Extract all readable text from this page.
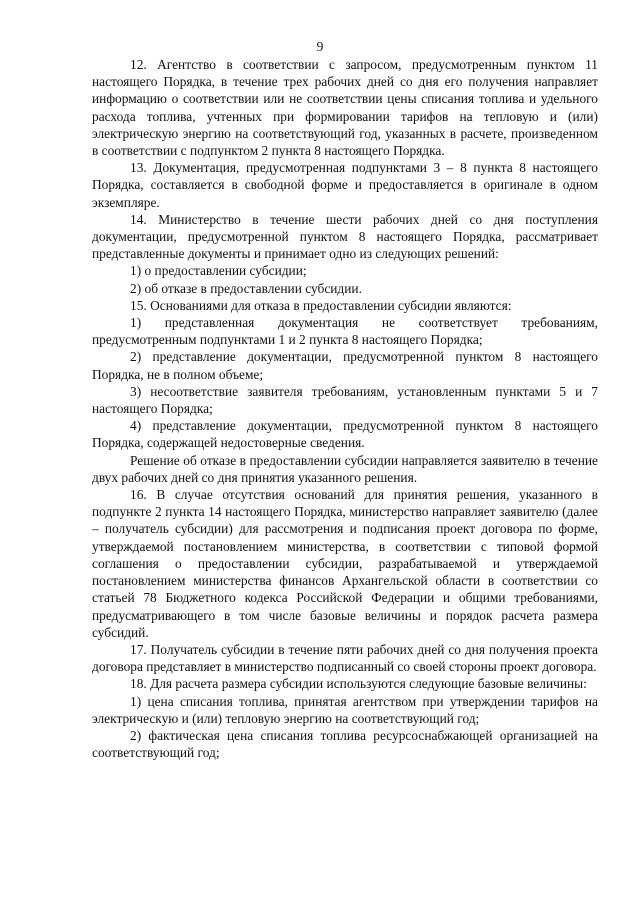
9

12. Агентство в соответствии с запросом, предусмотренным пунктом 11 настоящего Порядка, в течение трех рабочих дней со дня его получения направляет информацию о соответствии или не соответствии цены списания топлива и удельного расхода топлива, учтенных при формировании тарифов на тепловую и (или) электрическую энергию на соответствующий год, указанных в расчете, произведенном в соответствии с подпунктом 2 пункта 8 настоящего Порядка.

13. Документация, предусмотренная подпунктами 3 – 8 пункта 8 настоящего Порядка, составляется в свободной форме и предоставляется в оригинале в одном экземпляре.

14. Министерство в течение шести рабочих дней со дня поступления документации, предусмотренной пунктом 8 настоящего Порядка, рассматривает представленные документы и принимает одно из следующих решений:

1) о предоставлении субсидии;

2) об отказе в предоставлении субсидии.

15. Основаниями для отказа в предоставлении субсидии являются:

1) представленная документация не соответствует требованиям, предусмотренным подпунктами 1 и 2 пункта 8 настоящего Порядка;

2) представление документации, предусмотренной пунктом 8 настоящего Порядка, не в полном объеме;

3) несоответствие заявителя требованиям, установленным пунктами 5 и 7 настоящего Порядка;

4) представление документации, предусмотренной пунктом 8 настоящего Порядка, содержащей недостоверные сведения.

Решение об отказе в предоставлении субсидии направляется заявителю в течение двух рабочих дней со дня принятия указанного решения.

16. В случае отсутствия оснований для принятия решения, указанного в подпункте 2 пункта 14 настоящего Порядка, министерство направляет заявителю (далее – получатель субсидии) для рассмотрения и подписания проект договора по форме, утверждаемой постановлением министерства, в соответствии с типовой формой соглашения о предоставлении субсидии, разрабатываемой и утверждаемой постановлением министерства финансов Архангельской области в соответствии со статьей 78 Бюджетного кодекса Российской Федерации и общими требованиями, предусматривающего в том числе базовые величины и порядок расчета размера субсидий.

17. Получатель субсидии в течение пяти рабочих дней со дня получения проекта договора представляет в министерство подписанный со своей стороны проект договора.

18. Для расчета размера субсидии используются следующие базовые величины:

1) цена списания топлива, принятая агентством при утверждении тарифов на электрическую и (или) тепловую энергию на соответствующий год;

2) фактическая цена списания топлива ресурсоснабжающей организацией на соответствующий год;
